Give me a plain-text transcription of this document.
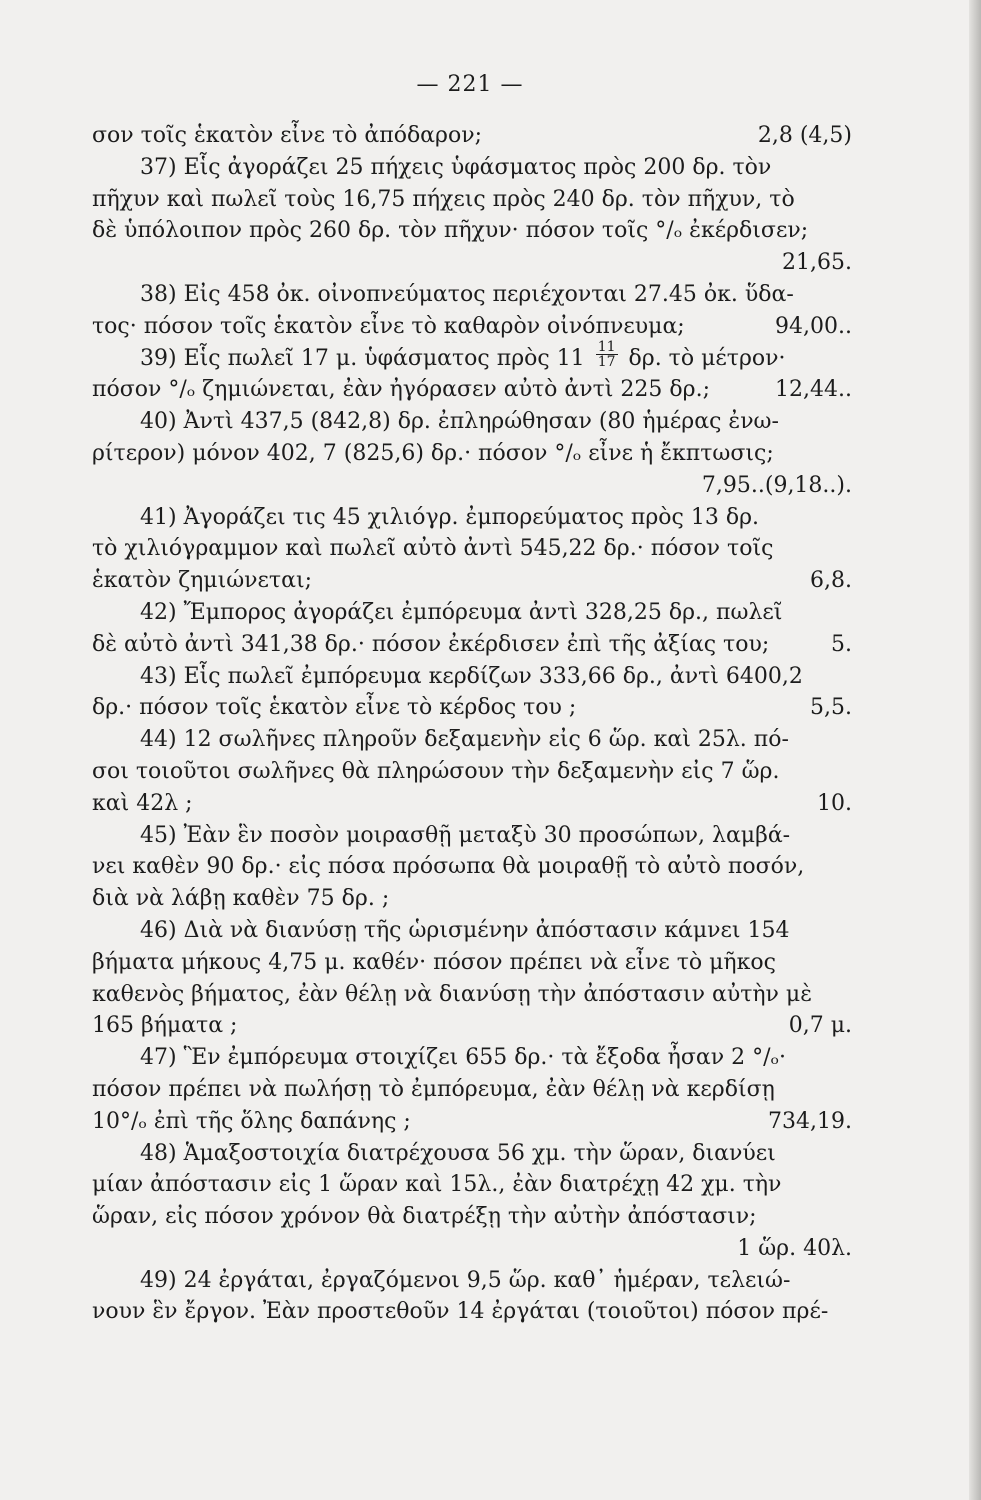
— 221 —
σον τοῖς ἑκατὸν εἶνε τὸ ἀπόδαρον;	2,8 (4,5)
37) Εἷς ἀγοράζει 25 πήχεις ὑφάσματος πρὸς 200 δρ. τὸν
πῆχυν καὶ πωλεῖ τοὺς 16,75 πήχεις πρὸς 240 δρ. τὸν πῆχυν, τὸ
δὲ ὑπόλοιπον πρὸς 260 δρ. τὸν πῆχυν· πόσον τοῖς °/ₒ ἐκέρδισεν;
21,65.
38) Εἰς 458 ὀκ. οἰνοπνεύματος περιέχονται 27.45 ὀκ. ὕδα-
τος· πόσον τοῖς ἑκατὸν εἶνε τὸ καθαρὸν οἰνόπνευμα;	94,00..
39) Εἷς πωλεῖ 17 μ. ὑφάσματος πρὸς $11 \frac{11}{17} \delta\rho$. τὸ μέτρον·
πόσον °/ₒ ζημιώνεται, ἐὰν ἠγόρασεν αὐτὸ ἀντὶ 225 δρ.;	12,44..
40) Ἀντὶ 437,5 (842,8) δρ. ἐπληρώθησαν (80 ἡμέρας ἐνω-
ρίτερον) μόνον 402, 7 (825,6) δρ.· πόσον °/ₒ εἶνε ἡ ἔκπτωσις;
7,95..(9,18..).
41) Ἀγοράζει τις 45 χιλιόγρ. ἐμπορεύματος πρὸς 13 δρ.
τὸ χιλιόγραμμον καὶ πωλεῖ αὐτὸ ἀντὶ 545,22 δρ.· πόσον τοῖς
ἑκατὸν ζημιώνεται;	6,8.
42) Ἔμπορος ἀγοράζει ἐμπόρευμα ἀντὶ 328,25 δρ., πωλεῖ
δὲ αὐτὸ ἀντὶ 341,38 δρ.· πόσον ἐκέρδισεν ἐπὶ τῆς ἀξίας του;	5.
43) Εἷς πωλεῖ ἐμπόρευμα κερδίζων 333,66 δρ., ἀντὶ 6400,2
δρ.· πόσον τοῖς ἑκατὸν εἶνε τὸ κέρδος του ;	5,5.
44) 12 σωλῆνες πληροῦν δεξαμενὴν εἰς 6 ὥρ. καὶ 25λ. πό-
σοι τοιοῦτοι σωλῆνες θὰ πληρώσουν τὴν δεξαμενὴν εἰς 7 ὥρ.
καὶ 42λ ;	10.
45) Ἐὰν ἓν ποσὸν μοιρασθῇ μεταξὺ 30 προσώπων, λαμβά-
νει καθὲν 90 δρ.· εἰς πόσα πρόσωπα θὰ μοιραθῇ τὸ αὐτὸ ποσόν,
διὰ νὰ λάβῃ καθὲν 75 δρ. ;
46) Διὰ νὰ διανύσῃ τῆς ὡρισμένην ἀπόστασιν κάμνει 154
βήματα μήκους 4,75 μ. καθέν· πόσον πρέπει νὰ εἶνε τὸ μῆκος
καθενὸς βήματος, ἐὰν θέλῃ νὰ διανύσῃ τὴν ἀπόστασιν αὐτὴν μὲ
165 βήματα ;	0,7 μ.
47) Ἓν ἐμπόρευμα στοιχίζει 655 δρ.· τὰ ἔξοδα ἦσαν 2 °/ₒ·
πόσον πρέπει νὰ πωλήσῃ τὸ ἐμπόρευμα, ἐὰν θέλῃ νὰ κερδίσῃ
10°/ₒ ἐπὶ τῆς ὅλης δαπάνης ;	734,19.
48) Ἁμαξοστοιχία διατρέχουσα 56 χμ. τὴν ὥραν, διανύει
μίαν ἀπόστασιν εἰς 1 ὥραν καὶ 15λ., ἐὰν διατρέχῃ 42 χμ. τὴν
ὥραν, εἰς πόσον χρόνον θὰ διατρέξῃ τὴν αὐτὴν ἀπόστασιν;
1 ὥρ. 40λ.
49) 24 ἐργάται, ἐργαζόμενοι 9,5 ὥρ. καθ᾽ ἡμέραν, τελειώ-
νουν ἓν ἔργον. Ἐὰν προστεθοῦν 14 ἐργάται (τοιοῦτοι) πόσον πρέ-
